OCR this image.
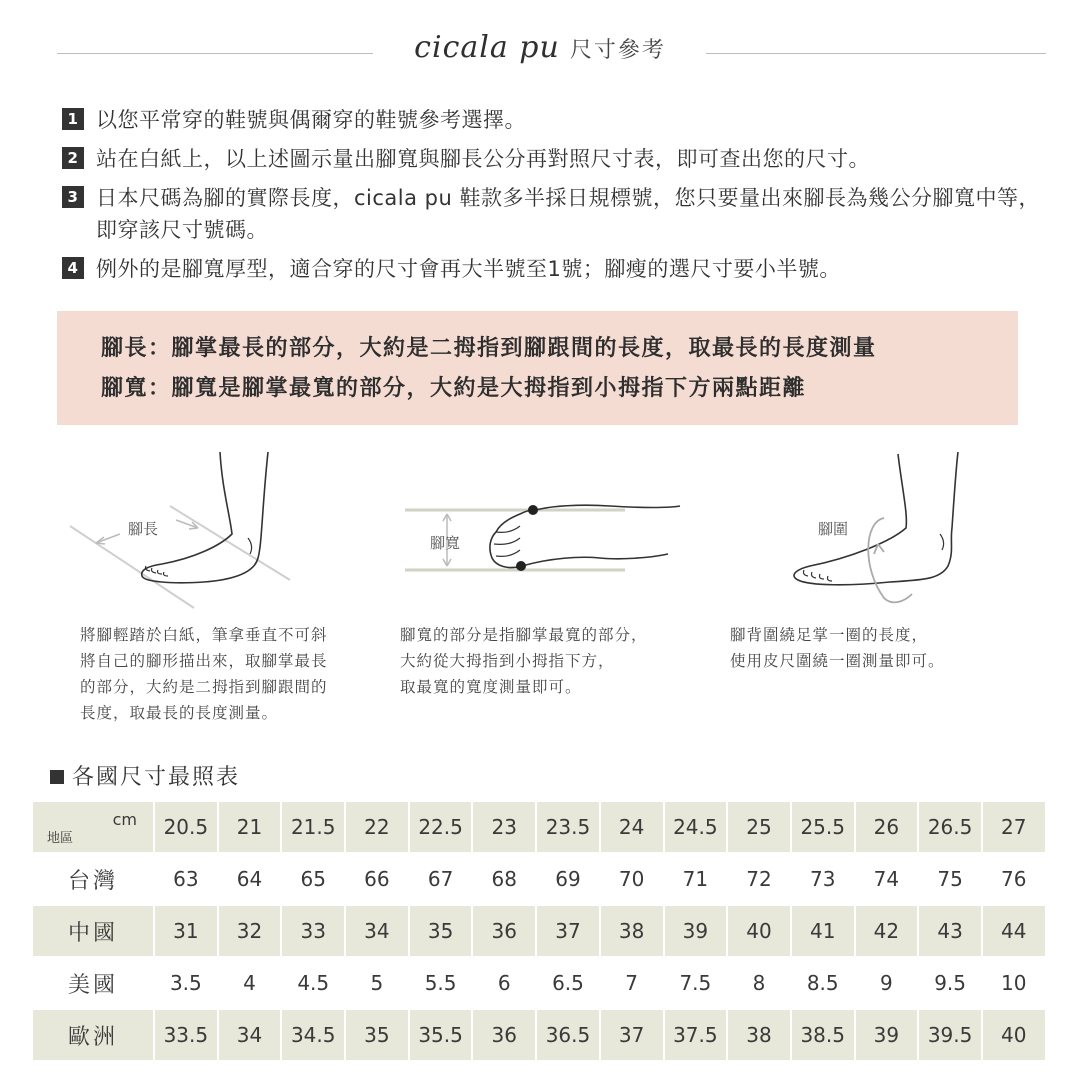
cicala pu 尺寸參考
1 以您平常穿的鞋號與偶爾穿的鞋號參考選擇。
2 站在白紙上，以上述圖示量出腳寬與腳長公分再對照尺寸表，即可查出您的尺寸。
3 日本尺碼為腳的實際長度，cicala pu 鞋款多半採日規標號，您只要量出來腳長為幾公分腳寬中等，即穿該尺寸號碼。
4 例外的是腳寬厚型，適合穿的尺寸會再大半號至1號；腳瘦的選尺寸要小半號。

腳長：腳掌最長的部分，大約是二拇指到腳跟間的長度，取最長的長度測量

腳寬：腳寬是腳掌最寬的部分，大約是大拇指到小拇指下方兩點距離

腳長
腳寬
腳圍
將腳輕踏於白紙，筆拿垂直不可斜
將自己的腳形描出來，取腳掌最長
的部分，大約是二拇指到腳跟間的
長度，取最長的長度測量。
腳寬的部分是指腳掌最寬的部分，
大約從大拇指到小拇指下方，
取最寬的寬度測量即可。
腳背圍繞足掌一圈的長度，
使用皮尺圍繞一圈測量即可。
各國尺寸最照表
cm
地區	20.5	21	21.5	22	22.5	23	23.5	24	24.5	25	25.5	26	26.5	27
台灣	63	64	65	66	67	68	69	70	71	72	73	74	75	76
中國	31	32	33	34	35	36	37	38	39	40	41	42	43	44
美國	3.5	4	4.5	5	5.5	6	6.5	7	7.5	8	8.5	9	9.5	10
歐洲	33.5	34	34.5	35	35.5	36	36.5	37	37.5	38	38.5	39	39.5	40
